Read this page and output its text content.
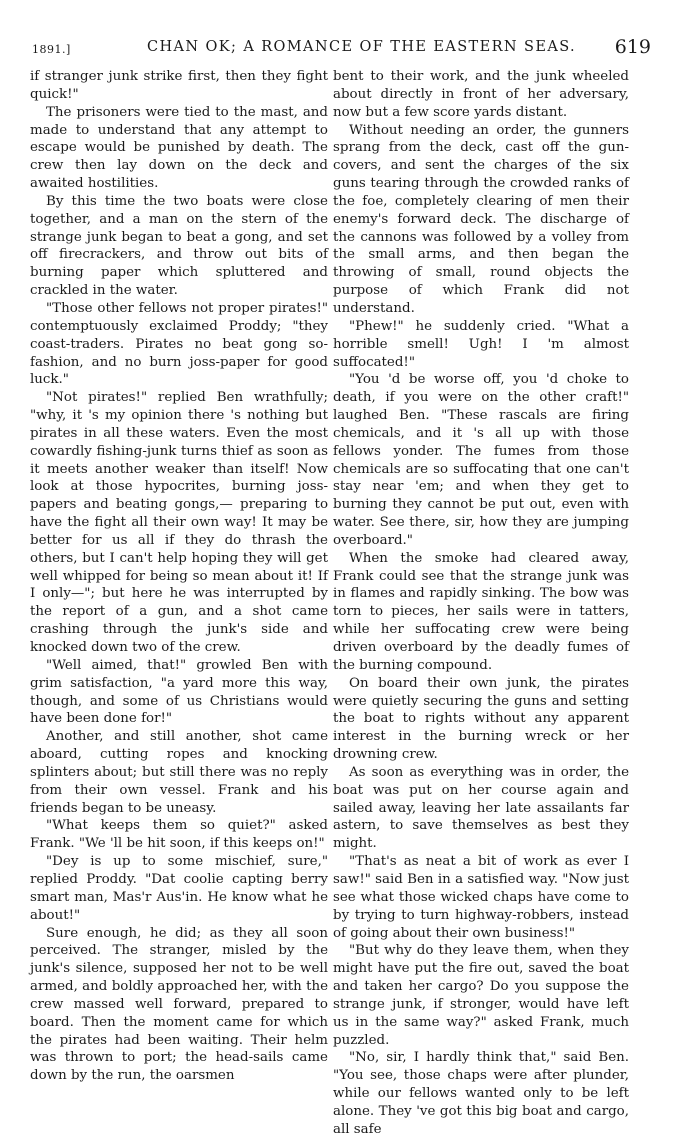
1891.]	CHAN OK; A ROMANCE OF THE EASTERN SEAS. 619

if stranger junk strike first, then they fight quick!"

The prisoners were tied to the mast, and made to understand that any attempt to escape would be punished by death. The crew then lay down on the deck and awaited hostilities.

By this time the two boats were close together, and a man on the stern of the strange junk began to beat a gong, and set off firecrackers, and throw out bits of burning paper which spluttered and crackled in the water.

"Those other fellows not proper pirates!" contemptuously exclaimed Proddy; "they coast-traders. Pirates no beat gong so-fashion, and no burn joss-paper for good luck."

"Not pirates!" replied Ben wrathfully; "why, it 's my opinion there 's nothing but pirates in all these waters. Even the most cowardly fishing-junk turns thief as soon as it meets another weaker than itself! Now look at those hypocrites, burning joss-papers and beating gongs,— preparing to have the fight all their own way! It may be better for us all if they do thrash the others, but I can't help hoping they will get well whipped for being so mean about it! If I only—"; but here he was interrupted by the report of a gun, and a shot came crashing through the junk's side and knocked down two of the crew.

"Well aimed, that!" growled Ben with grim satisfaction, "a yard more this way, though, and some of us Christians would have been done for!"

Another, and still another, shot came aboard, cutting ropes and knocking splinters about; but still there was no reply from their own vessel. Frank and his friends began to be uneasy.

"What keeps them so quiet?" asked Frank. "We 'll be hit soon, if this keeps on!"

"Dey is up to some mischief, sure," replied Proddy. "Dat coolie capting berry smart man, Mas'r Aus'in. He know what he about!"

Sure enough, he did; as they all soon perceived. The stranger, misled by the junk's silence, supposed her not to be well armed, and boldly approached her, with the crew massed well forward, prepared to board. Then the moment came for which the pirates had been waiting. Their helm was thrown to port; the head-sails came down by the run, the oarsmen

bent to their work, and the junk wheeled about directly in front of her adversary, now but a few score yards distant.

Without needing an order, the gunners sprang from the deck, cast off the gun-covers, and sent the charges of the six guns tearing through the crowded ranks of the foe, completely clearing of men their enemy's forward deck. The discharge of the cannons was followed by a volley from the small arms, and then began the throwing of small, round objects the purpose of which Frank did not understand.

"Phew!" he suddenly cried. "What a horrible smell! Ugh! I 'm almost suffocated!"

"You 'd be worse off, you 'd choke to death, if you were on the other craft!" laughed Ben. "These rascals are firing chemicals, and it 's all up with those fellows yonder. The fumes from those chemicals are so suffocating that one can't stay near 'em; and when they get to burning they cannot be put out, even with water. See there, sir, how they are jumping overboard."

When the smoke had cleared away, Frank could see that the strange junk was in flames and rapidly sinking. The bow was torn to pieces, her sails were in tatters, while her suffocating crew were being driven overboard by the deadly fumes of the burning compound.

On board their own junk, the pirates were quietly securing the guns and setting the boat to rights without any apparent interest in the burning wreck or her drowning crew.

As soon as everything was in order, the boat was put on her course again and sailed away, leaving her late assailants far astern, to save themselves as best they might.

"That's as neat a bit of work as ever I saw!" said Ben in a satisfied way. "Now just see what those wicked chaps have come to by trying to turn highway-robbers, instead of going about their own business!"

"But why do they leave them, when they might have put the fire out, saved the boat and taken her cargo? Do you suppose the strange junk, if stronger, would have left us in the same way?" asked Frank, much puzzled.

"No, sir, I hardly think that," said Ben. "You see, those chaps were after plunder, while our fellows wanted only to be left alone. They 've got this big boat and cargo, all safe
